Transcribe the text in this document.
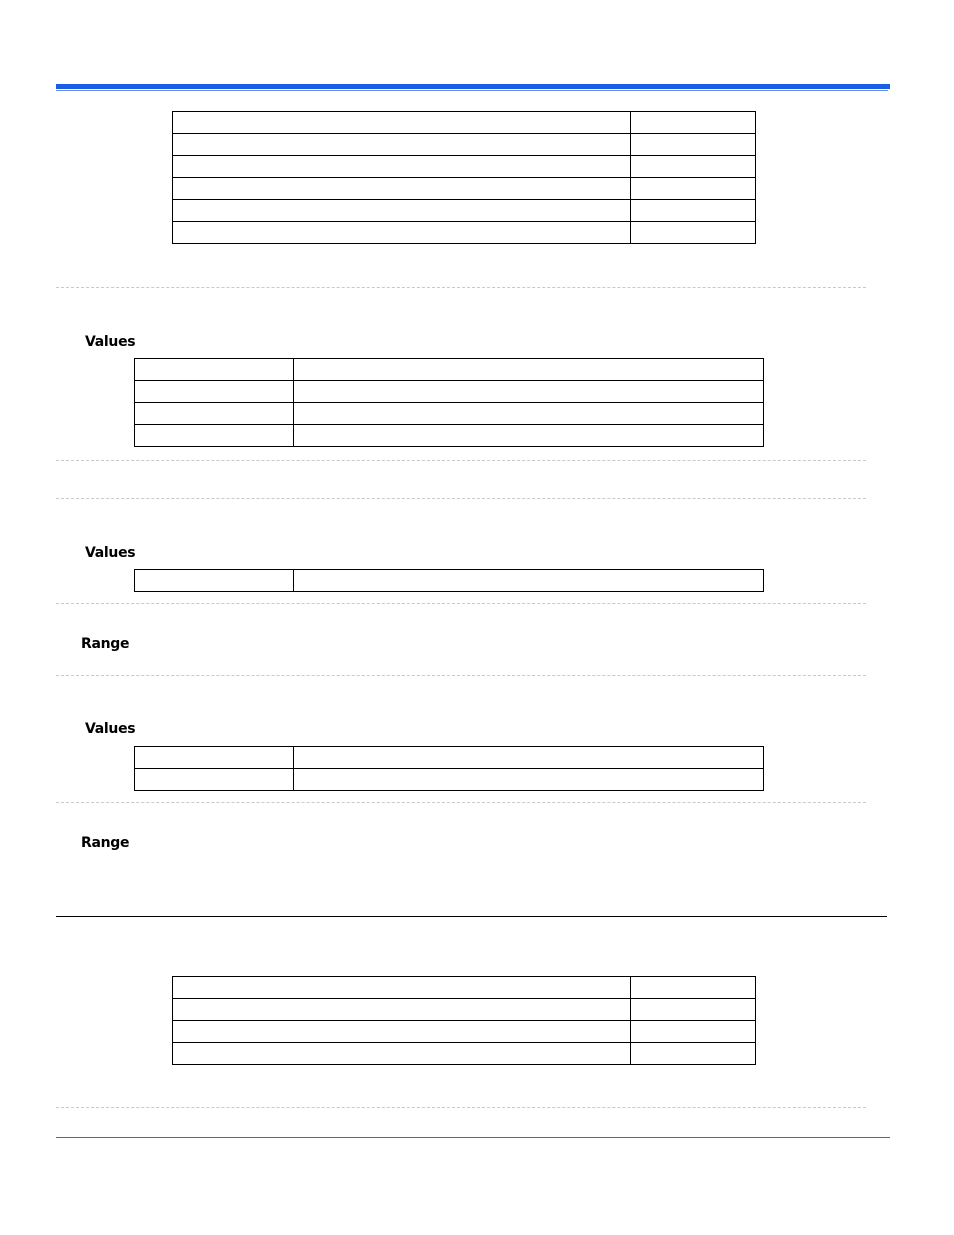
Values

Values

Range
Values

Range
